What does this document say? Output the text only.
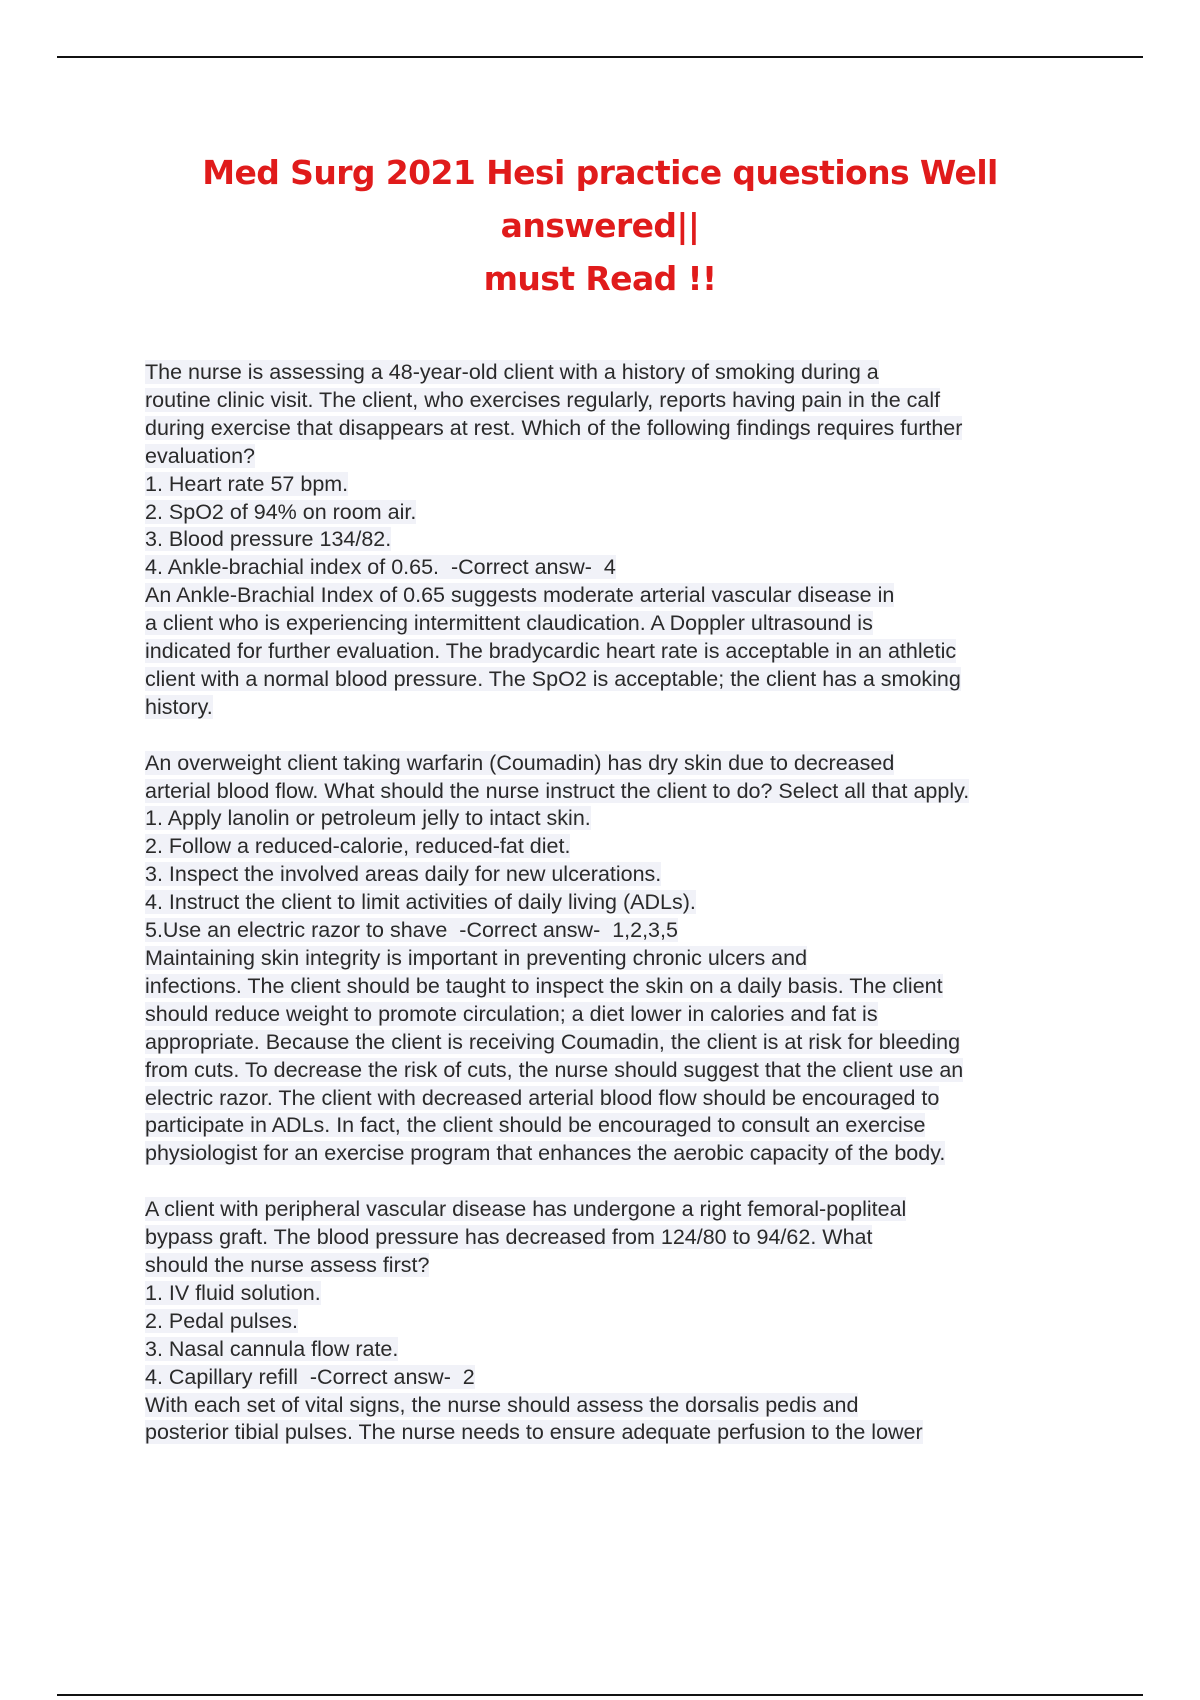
Med Surg 2021 Hesi practice questions Well answered||
must Read !!
The nurse is assessing a 48-year-old client with a history of smoking during a
routine clinic visit. The client, who exercises regularly, reports having pain in the calf
during exercise that disappears at rest. Which of the following findings requires further
evaluation?
1. Heart rate 57 bpm.
2. SpO2 of 94% on room air.
3. Blood pressure 134/82.
4. Ankle-brachial index of 0.65.  -Correct answ-  4
An Ankle-Brachial Index of 0.65 suggests moderate arterial vascular disease in
a client who is experiencing intermittent claudication. A Doppler ultrasound is
indicated for further evaluation. The bradycardic heart rate is acceptable in an athletic
client with a normal blood pressure. The SpO2 is acceptable; the client has a smoking
history.
An overweight client taking warfarin (Coumadin) has dry skin due to decreased
arterial blood flow. What should the nurse instruct the client to do? Select all that apply.
1. Apply lanolin or petroleum jelly to intact skin.
2. Follow a reduced-calorie, reduced-fat diet.
3. Inspect the involved areas daily for new ulcerations.
4. Instruct the client to limit activities of daily living (ADLs).
5.Use an electric razor to shave  -Correct answ-  1,2,3,5
Maintaining skin integrity is important in preventing chronic ulcers and
infections. The client should be taught to inspect the skin on a daily basis. The client
should reduce weight to promote circulation; a diet lower in calories and fat is
appropriate. Because the client is receiving Coumadin, the client is at risk for bleeding
from cuts. To decrease the risk of cuts, the nurse should suggest that the client use an
electric razor. The client with decreased arterial blood flow should be encouraged to
participate in ADLs. In fact, the client should be encouraged to consult an exercise
physiologist for an exercise program that enhances the aerobic capacity of the body.
A client with peripheral vascular disease has undergone a right femoral-popliteal
bypass graft. The blood pressure has decreased from 124/80 to 94/62. What
should the nurse assess first?
1. IV fluid solution.
2. Pedal pulses.
3. Nasal cannula flow rate.
4. Capillary refill  -Correct answ-  2
With each set of vital signs, the nurse should assess the dorsalis pedis and
posterior tibial pulses. The nurse needs to ensure adequate perfusion to the lower
